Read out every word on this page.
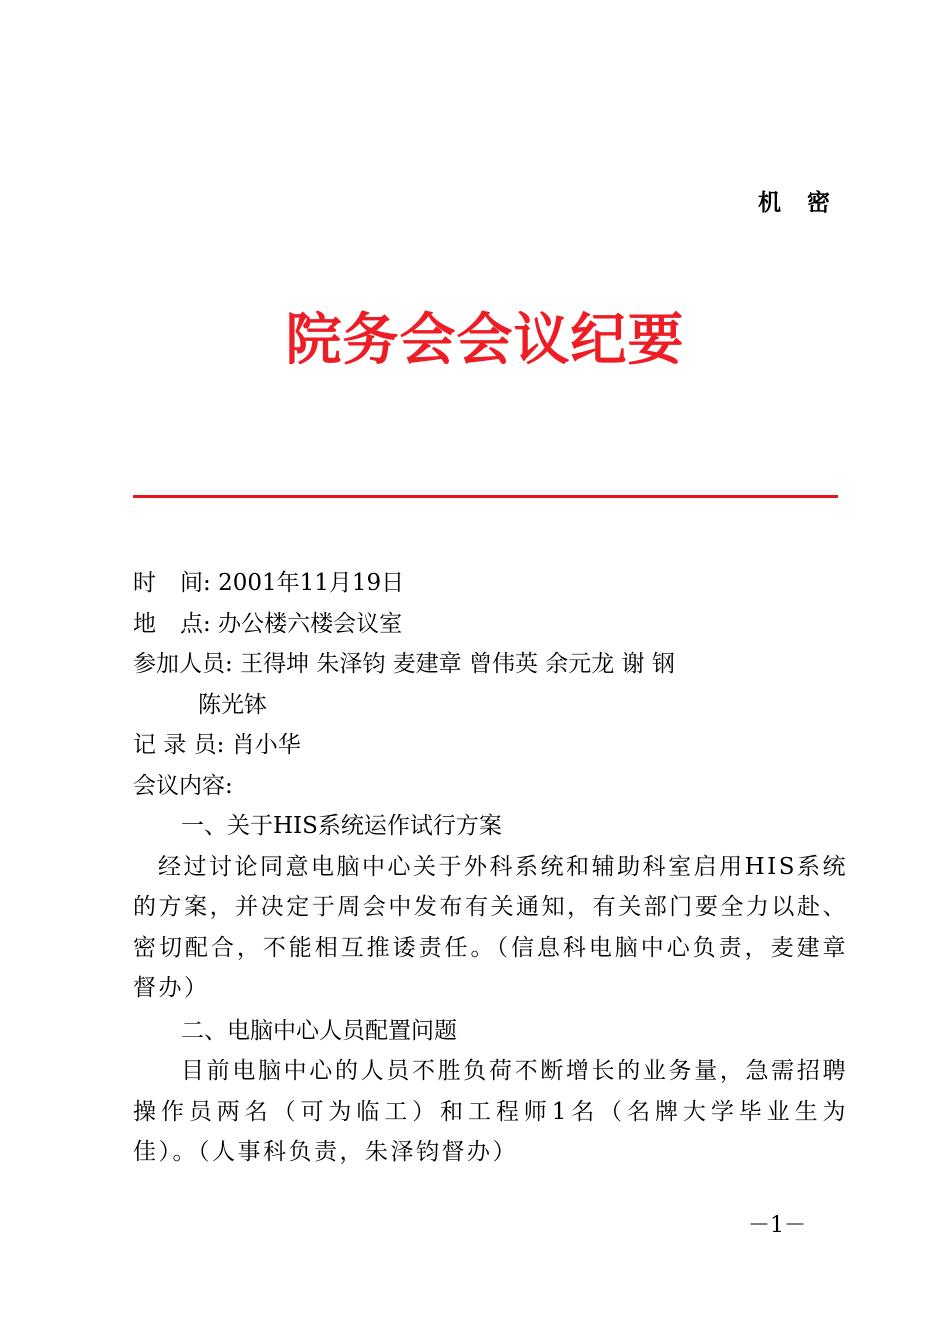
机 密
院务会会议纪要
时 间: 2001年11月19日
地 点: 办公楼六楼会议室
参加人员: 王得坤 朱泽钧 麦建章 曾伟英 余元龙 谢 钢
陈光钵
记 录 员: 肖小华
会议内容:
一、关于HIS系统运作试行方案
经过讨论同意电脑中心关于外科系统和辅助科室启用HIS系统的方案，并决定于周会中发布有关通知，有关部门要全力以赴、密切配合，不能相互推诿责任。（信息科电脑中心负责，麦建章督办）
二、电脑中心人员配置问题
目前电脑中心的人员不胜负荷不断增长的业务量，急需招聘操作员两名（可为临工）和工程师1名（名牌大学毕业生为佳）。（人事科负责，朱泽钧督办）
－1－
